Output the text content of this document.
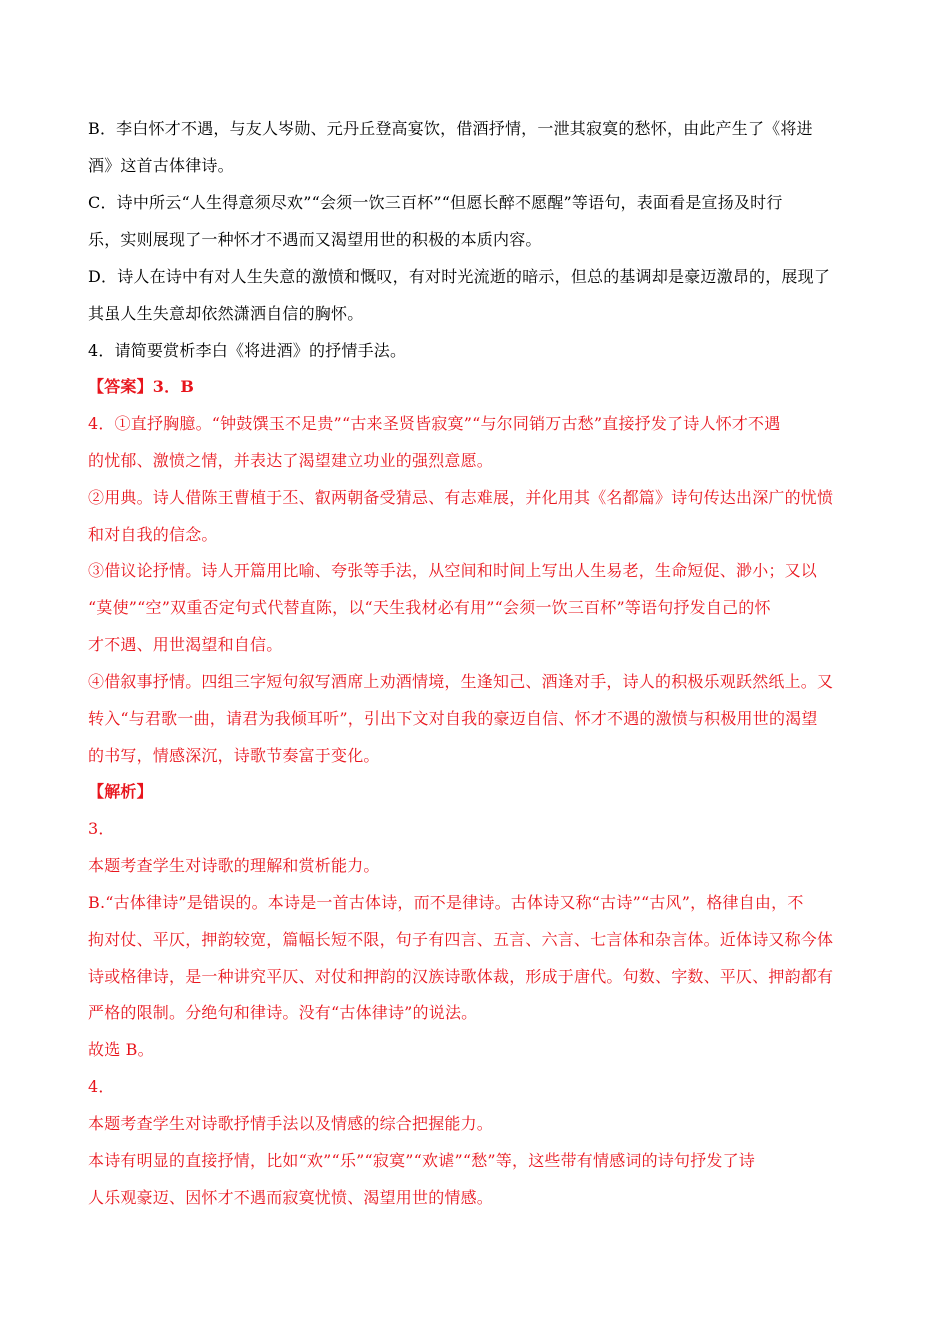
B．李白怀才不遇，与友人岑勋、元丹丘登高宴饮，借酒抒情，一泄其寂寞的愁怀，由此产生了《将进
酒》这首古体律诗。
C．诗中所云“人生得意须尽欢”“会须一饮三百杯”“但愿长醉不愿醒”等语句，表面看是宣扬及时行
乐，实则展现了一种怀才不遇而又渴望用世的积极的本质内容。
D．诗人在诗中有对人生失意的激愤和慨叹，有对时光流逝的暗示，但总的基调却是豪迈激昂的，展现了
其虽人生失意却依然潇洒自信的胸怀。
4．请简要赏析李白《将进酒》的抒情手法。
【答案】3．B
4．①直抒胸臆。“钟鼓馔玉不足贵”“古来圣贤皆寂寞”“与尔同销万古愁”直接抒发了诗人怀才不遇
的忧郁、激愤之情，并表达了渴望建立功业的强烈意愿。
②用典。诗人借陈王曹植于丕、叡两朝备受猜忌、有志难展，并化用其《名都篇》诗句传达出深广的忧愤
和对自我的信念。
③借议论抒情。诗人开篇用比喻、夸张等手法，从空间和时间上写出人生易老，生命短促、渺小；又以
“莫使”“空”双重否定句式代替直陈，以“天生我材必有用”“会须一饮三百杯”等语句抒发自己的怀
才不遇、用世渴望和自信。
④借叙事抒情。四组三字短句叙写酒席上劝酒情境，生逢知己、酒逢对手，诗人的积极乐观跃然纸上。又
转入“与君歌一曲，请君为我倾耳听”，引出下文对自我的豪迈自信、怀才不遇的激愤与积极用世的渴望
的书写，情感深沉，诗歌节奏富于变化。
【解析】
3．
本题考查学生对诗歌的理解和赏析能力。
B.“古体律诗”是错误的。本诗是一首古体诗，而不是律诗。古体诗又称“古诗”“古风”，格律自由，不
拘对仗、平仄，押韵较宽，篇幅长短不限，句子有四言、五言、六言、七言体和杂言体。近体诗又称今体
诗或格律诗，是一种讲究平仄、对仗和押韵的汉族诗歌体裁，形成于唐代。句数、字数、平仄、押韵都有
严格的限制。分绝句和律诗。没有“古体律诗”的说法。
故选 B。
4．
本题考查学生对诗歌抒情手法以及情感的综合把握能力。
本诗有明显的直接抒情，比如“欢”“乐”“寂寞”“欢谑”“愁”等，这些带有情感词的诗句抒发了诗
人乐观豪迈、因怀才不遇而寂寞忧愤、渴望用世的情感。
